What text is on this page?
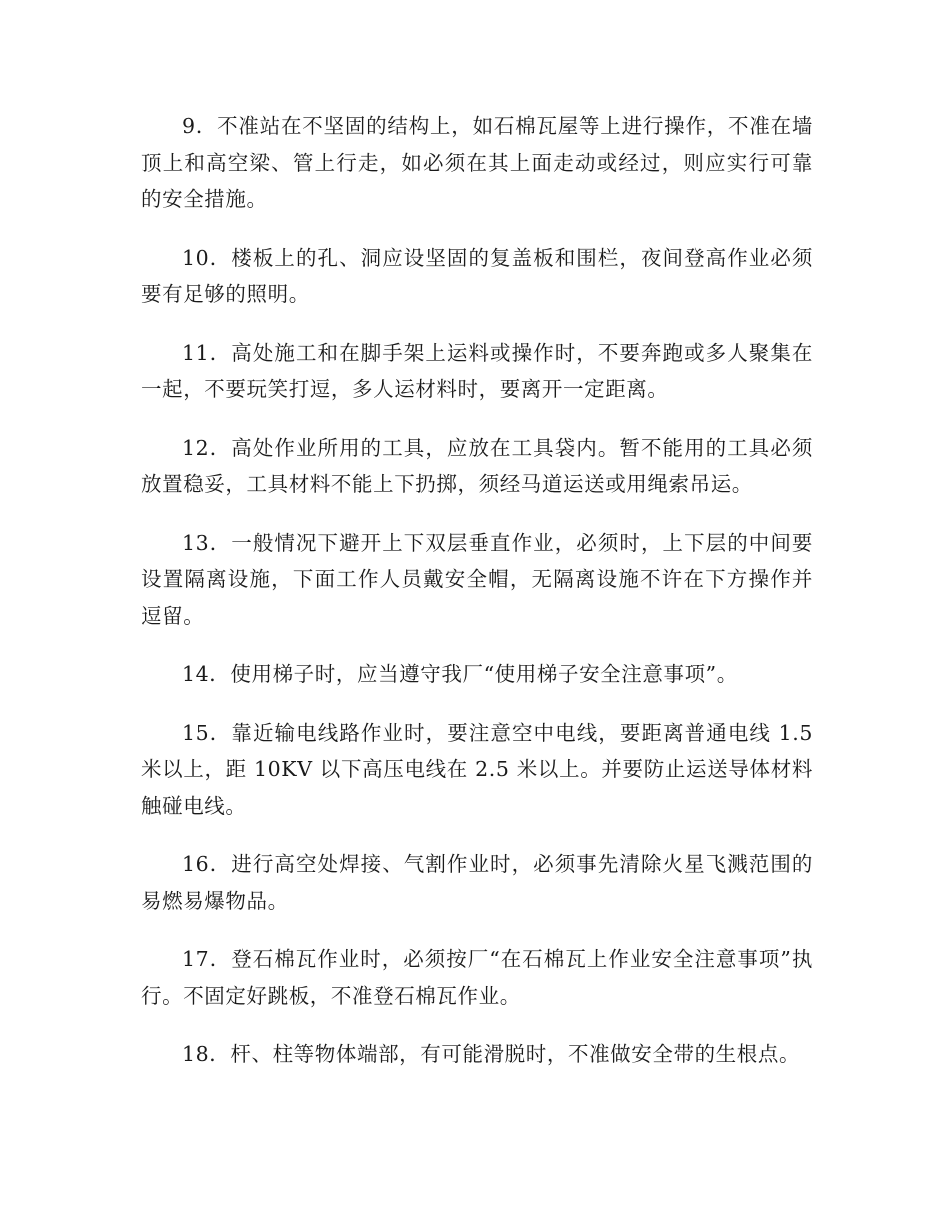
9．不准站在不坚固的结构上，如石棉瓦屋等上进行操作，不准在墙顶上和高空梁、管上行走，如必须在其上面走动或经过，则应实行可靠的安全措施。

10．楼板上的孔、洞应设坚固的复盖板和围栏，夜间登高作业必须要有足够的照明。

11．高处施工和在脚手架上运料或操作时，不要奔跑或多人聚集在一起，不要玩笑打逗，多人运材料时，要离开一定距离。

12．高处作业所用的工具，应放在工具袋内。暂不能用的工具必须放置稳妥，工具材料不能上下扔掷，须经马道运送或用绳索吊运。

13．一般情况下避开上下双层垂直作业，必须时，上下层的中间要设置隔离设施，下面工作人员戴安全帽，无隔离设施不许在下方操作并逗留。

14．使用梯子时，应当遵守我厂“使用梯子安全注意事项”。

15．靠近输电线路作业时，要注意空中电线，要距离普通电线 1.5米以上，距 10KV 以下高压电线在 2.5 米以上。并要防止运送导体材料触碰电线。

16．进行高空处焊接、气割作业时，必须事先清除火星飞溅范围的易燃易爆物品。

17．登石棉瓦作业时，必须按厂“在石棉瓦上作业安全注意事项”执行。不固定好跳板，不准登石棉瓦作业。

18．杆、柱等物体端部，有可能滑脱时，不准做安全带的生根点。
